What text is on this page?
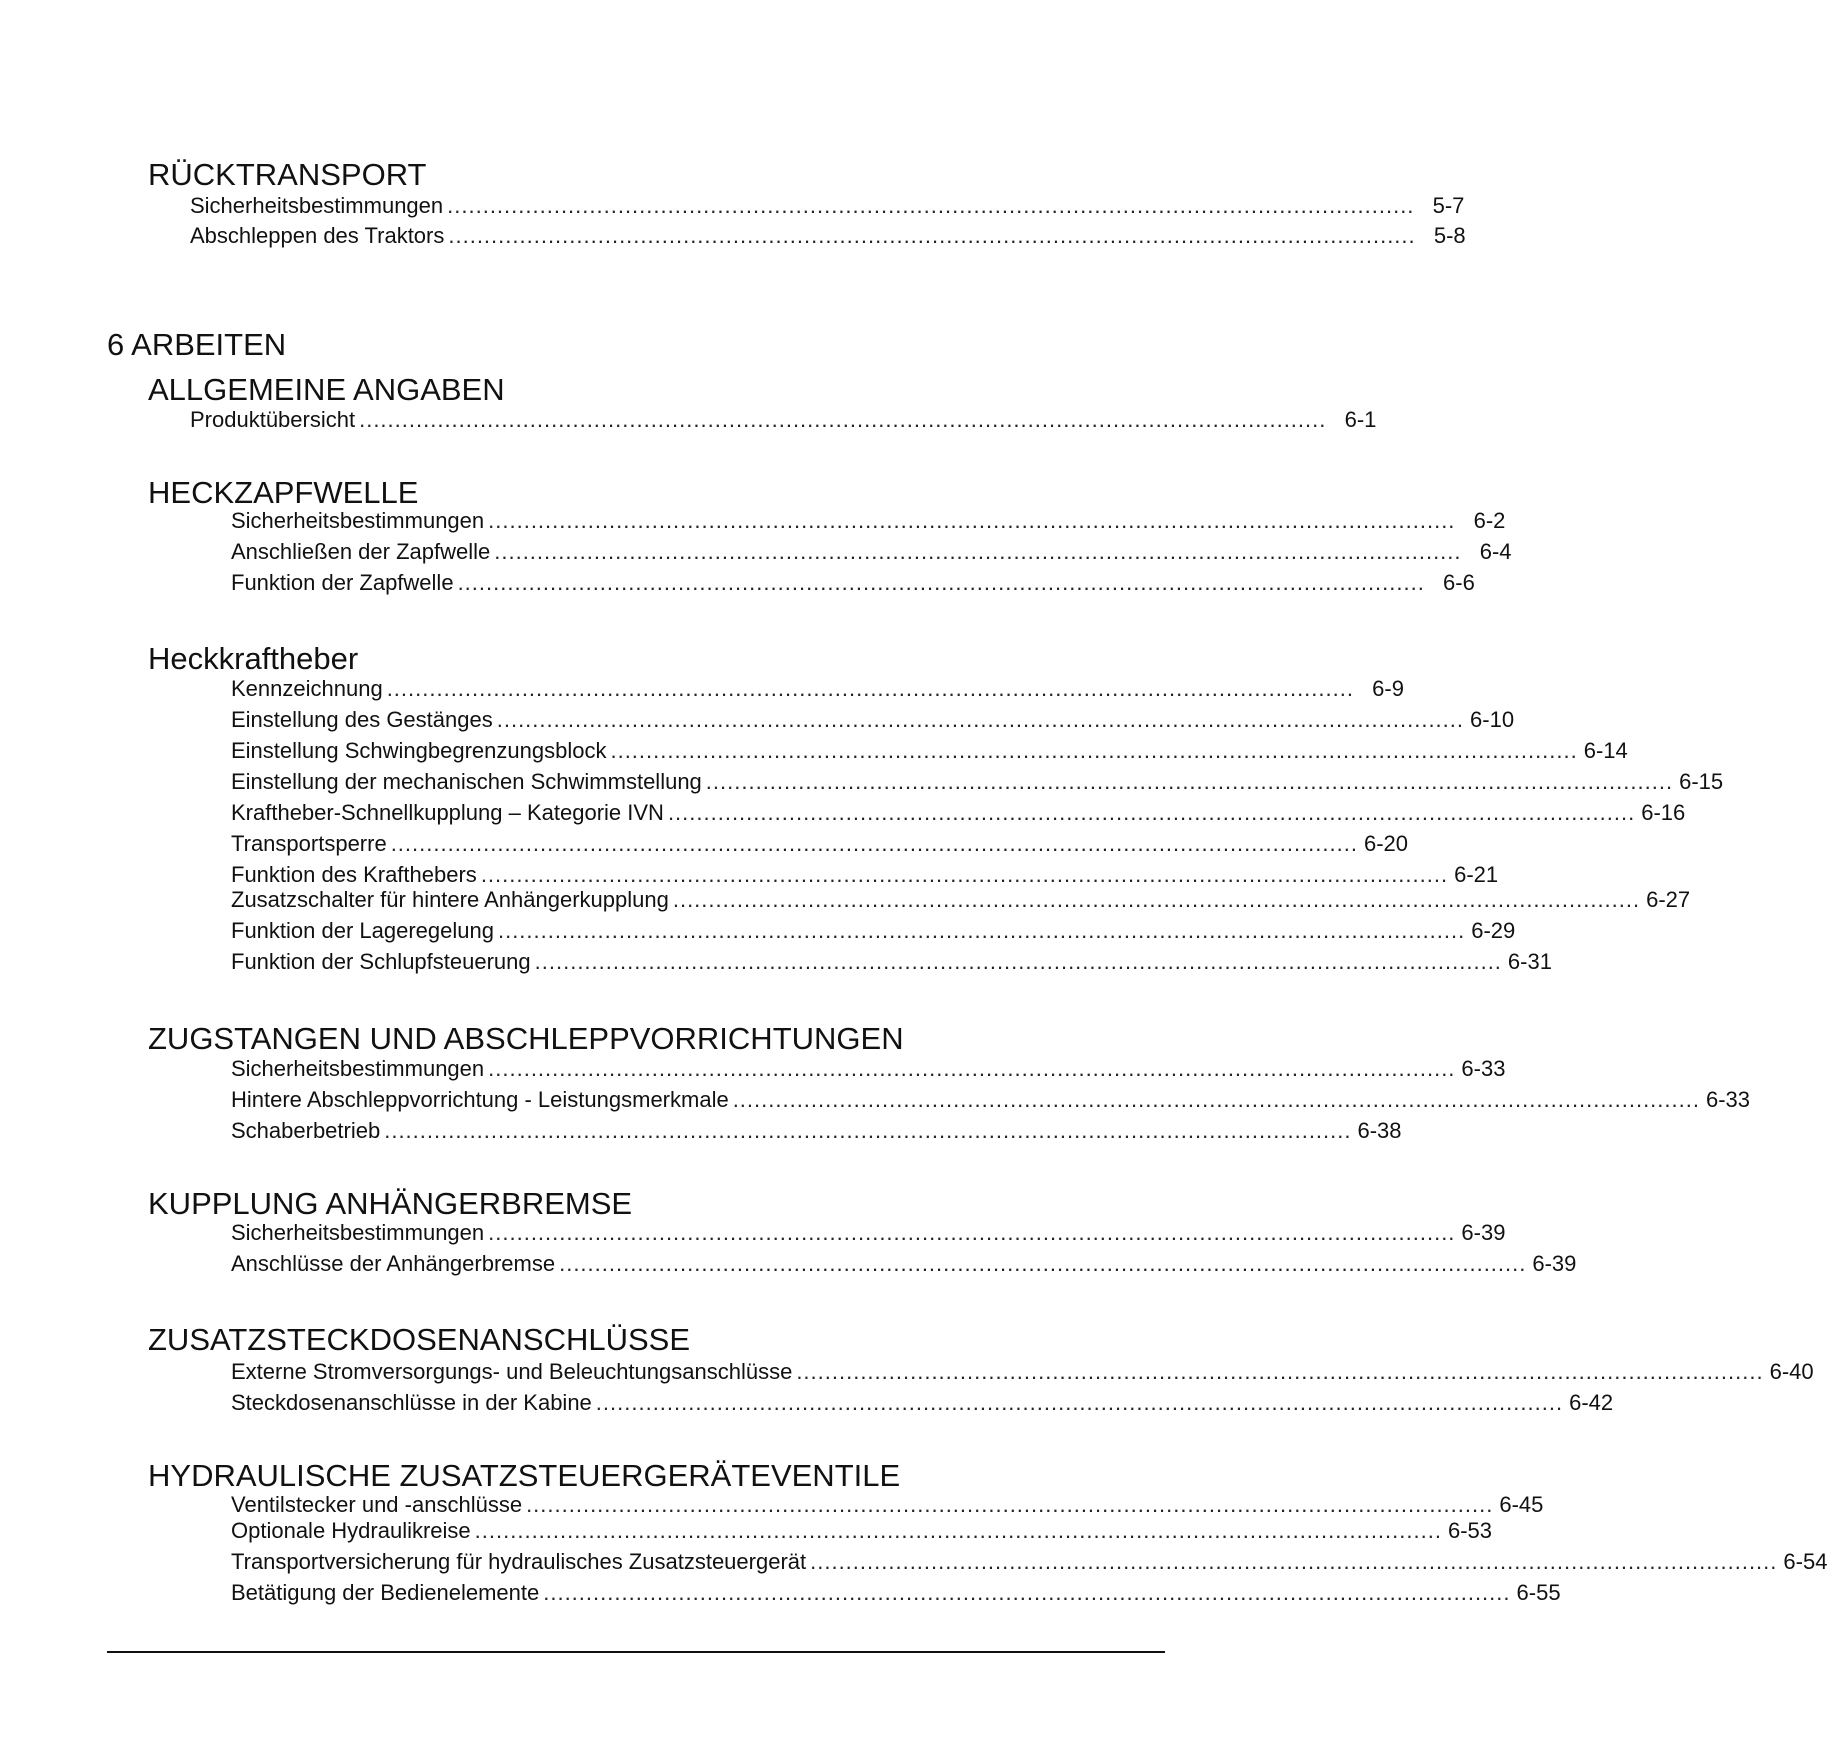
RÜCKTRANSPORT
Sicherheitsbestimmungen ........................................................................................................................................ 5-7
Abschleppen des Traktors ........................................................................................................................................ 5-8
6 ARBEITEN
ALLGEMEINE ANGABEN
Produktübersicht ........................................................................................................................................ 6-1
HECKZAPFWELLE
Sicherheitsbestimmungen ........................................................................................................................................ 6-2
Anschließen der Zapfwelle ........................................................................................................................................ 6-4
Funktion der Zapfwelle ........................................................................................................................................ 6-6
Heckkraftheber
Kennzeichnung ........................................................................................................................................ 6-9
Einstellung des Gestänges ........................................................................................................................................ 6-10
Einstellung Schwingbegrenzungsblock ........................................................................................................................................ 6-14
Einstellung der mechanischen Schwimmstellung ........................................................................................................................................ 6-15
Kraftheber-Schnellkupplung – Kategorie IVN ........................................................................................................................................ 6-16
Transportsperre ........................................................................................................................................ 6-20
Funktion des Krafthebers ........................................................................................................................................ 6-21
Zusatzschalter für hintere Anhängerkupplung ........................................................................................................................................ 6-27
Funktion der Lageregelung ........................................................................................................................................ 6-29
Funktion der Schlupfsteuerung ........................................................................................................................................ 6-31
ZUGSTANGEN UND ABSCHLEPPVORRICHTUNGEN
Sicherheitsbestimmungen ........................................................................................................................................ 6-33
Hintere Abschleppvorrichtung - Leistungsmerkmale ........................................................................................................................................ 6-33
Schaberbetrieb ........................................................................................................................................ 6-38
KUPPLUNG ANHÄNGERBREMSE
Sicherheitsbestimmungen ........................................................................................................................................ 6-39
Anschlüsse der Anhängerbremse ........................................................................................................................................ 6-39
ZUSATZSTECKDOSENANSCHLÜSSE
Externe Stromversorgungs- und Beleuchtungsanschlüsse ........................................................................................................................................ 6-40
Steckdosenanschlüsse in der Kabine ........................................................................................................................................ 6-42
HYDRAULISCHE ZUSATZSTEUERGERÄTEVENTILE
Ventilstecker und -anschlüsse ........................................................................................................................................ 6-45
Optionale Hydraulikreise ........................................................................................................................................ 6-53
Transportversicherung für hydraulisches Zusatzsteuergerät ........................................................................................................................................ 6-54
Betätigung der Bedienelemente ........................................................................................................................................ 6-55
